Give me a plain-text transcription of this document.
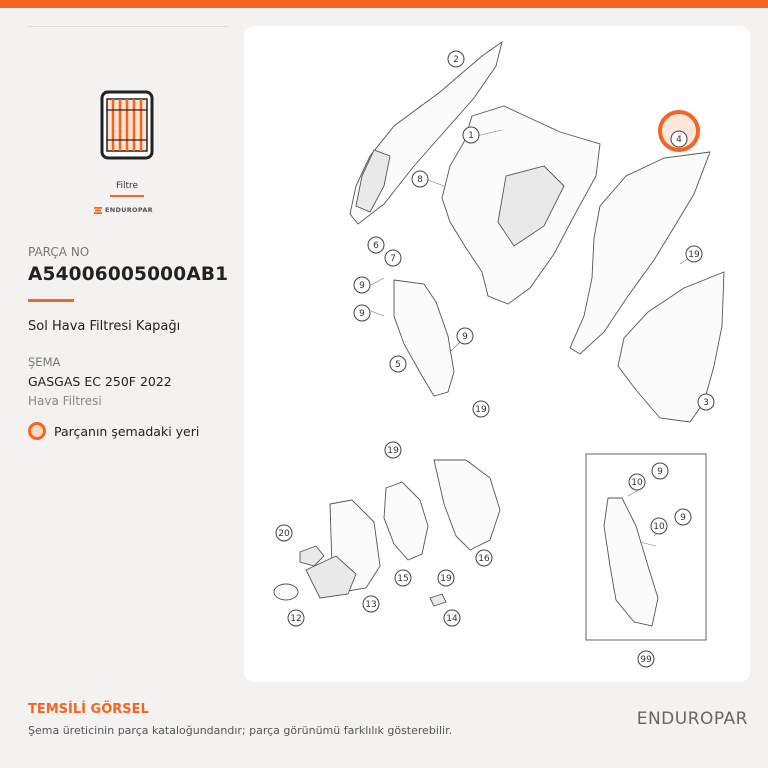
Filtre
ENDUROPAR
PARÇA NO
A54006005000AB1
Sol Hava Filtresi Kapağı
ŞEMA
GASGAS EC 250F 2022
Hava Filtresi
Parçanın şemadaki yeri
2
1	4
8
6
7
9
9
19
5
9
19
3
19
10
9
10
9
20
16
15	19
13
12	14
99
TEMSİLİ GÖRSEL
Şema üreticinin parça kataloğundandır; parça görünümü farklılık gösterebilir.
ENDUROPAR
